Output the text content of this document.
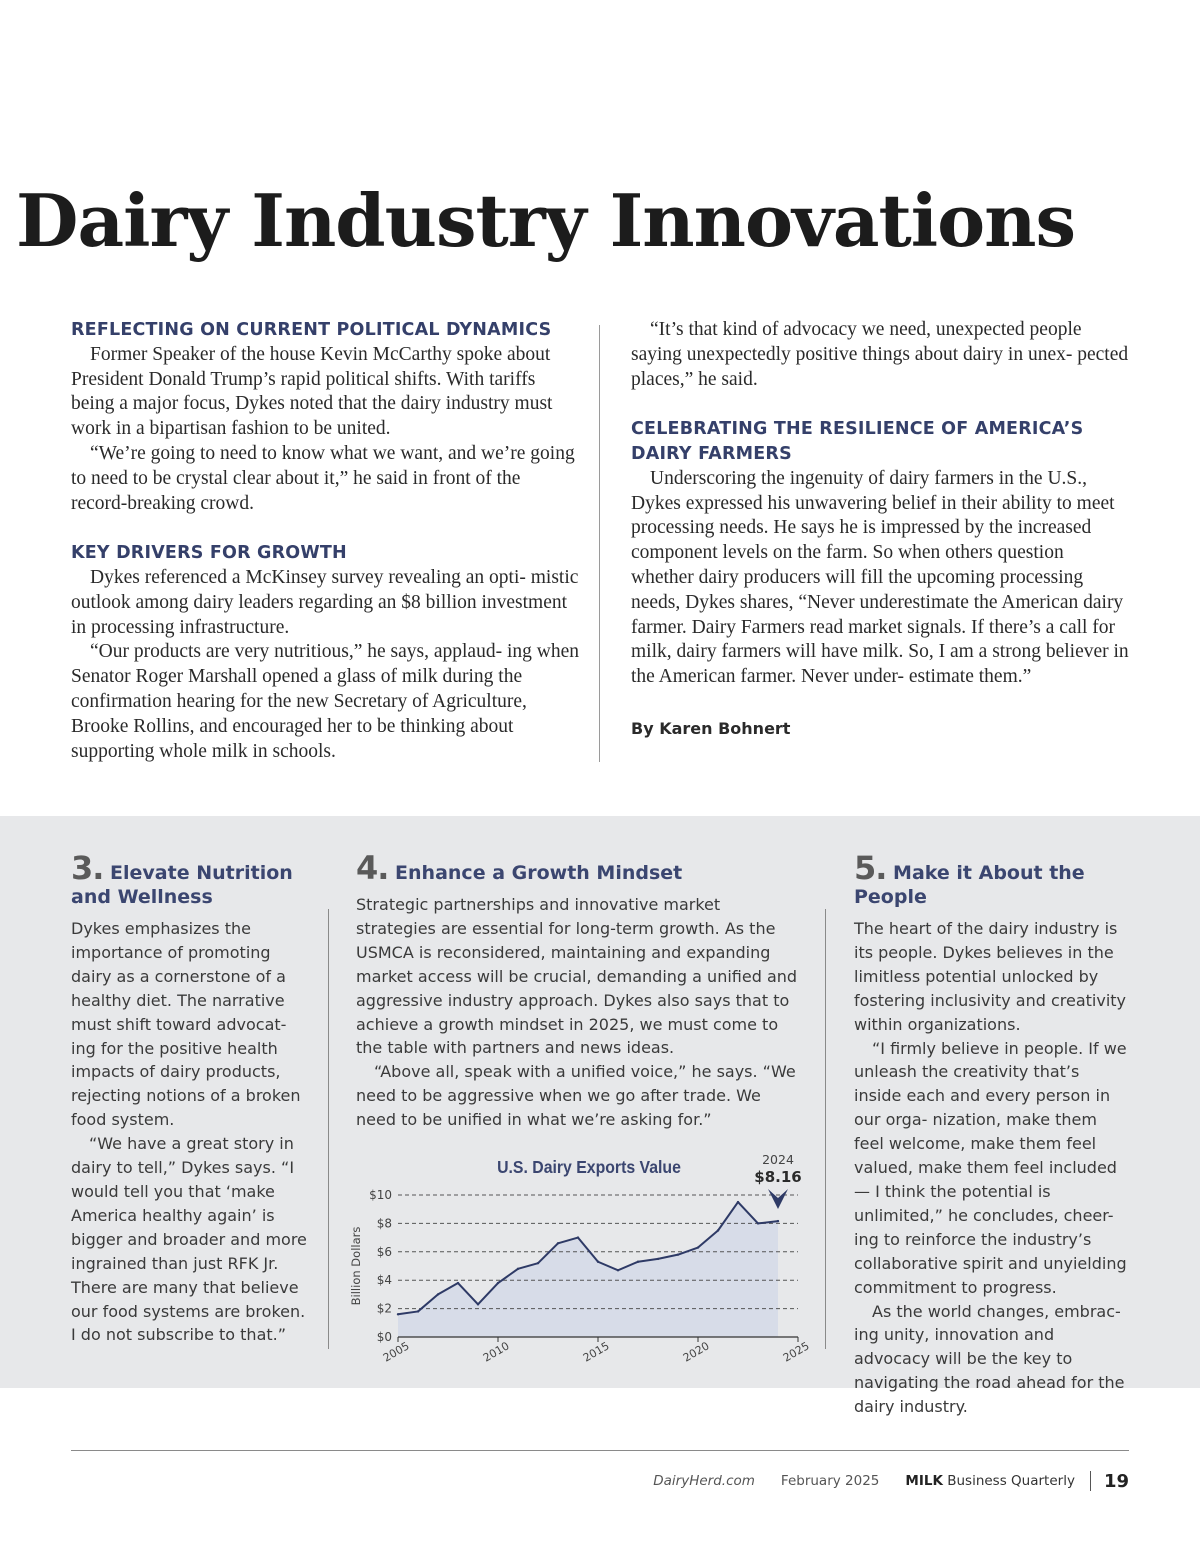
Dairy Industry Innovations
REFLECTING ON CURRENT POLITICAL DYNAMICS

Former Speaker of the house Kevin McCarthy spoke about President Donald Trump’s rapid political shifts. With tariffs being a major focus, Dykes noted that the dairy industry must work in a bipartisan fashion to be united.

“We’re going to need to know what we want, and we’re going to need to be crystal clear about it,” he said in front of the record-breaking crowd.

KEY DRIVERS FOR GROWTH

Dykes referenced a McKinsey survey revealing an opti- mistic outlook among dairy leaders regarding an $8 billion investment in processing infrastructure.

“Our products are very nutritious,” he says, applaud- ing when Senator Roger Marshall opened a glass of milk during the confirmation hearing for the new Secretary of Agriculture, Brooke Rollins, and encouraged her to be thinking about supporting whole milk in schools.

“It’s that kind of advocacy we need, unexpected people saying unexpectedly positive things about dairy in unex- pected places,” he said.

CELEBRATING THE RESILIENCE OF AMERICA’S DAIRY FARMERS

Underscoring the ingenuity of dairy farmers in the U.S., Dykes expressed his unwavering belief in their ability to meet processing needs. He says he is impressed by the increased component levels on the farm. So when others question whether dairy producers will fill the upcoming processing needs, Dykes shares, “Never underestimate the American dairy farmer. Dairy Farmers read market signals. If there’s a call for milk, dairy farmers will have milk. So, I am a strong believer in the American farmer. Never under- estimate them.”

By Karen Bohnert
3. Elevate Nutrition and Wellness

Dykes emphasizes the importance of promoting dairy as a cornerstone of a healthy diet. The narrative must shift toward advocat- ing for the positive health impacts of dairy products, rejecting notions of a broken food system.

“We have a great story in dairy to tell,” Dykes says. “I would tell you that ‘make America healthy again’ is bigger and broader and more ingrained than just RFK Jr. There are many that believe our food systems are broken. I do not subscribe to that.”

4. Enhance a Growth Mindset

Strategic partnerships and innovative market strategies are essential for long-term growth. As the USMCA is reconsidered, maintaining and expanding market access will be crucial, demanding a unified and aggressive industry approach. Dykes also says that to achieve a growth mindset in 2025, we must come to the table with partners and news ideas.

“Above all, speak with a unified voice,” he says. “We need to be aggressive when we go after trade. We need to be unified in what we’re asking for.”

5. Make it About the People

The heart of the dairy industry is its people. Dykes believes in the limitless potential unlocked by fostering inclusivity and creativity within organizations.

“I firmly believe in people. If we unleash the creativity that’s inside each and every person in our orga- nization, make them feel welcome, make them feel valued, make them feel included — I think the potential is unlimited,” he concludes, cheer- ing to reinforce the industry’s collaborative spirit and unyielding commitment to progress.

As the world changes, embrac- ing unity, innovation and advocacy will be the key to navigating the road ahead for the dairy industry.

U.S. Dairy Exports Value
Billion Dollars
2024
$8.16
$0
$2
$4
$6
$8
$10
2005	2010	2015	2020	2025
DairyHerd.com February 2025 MILK Business Quarterly 19
